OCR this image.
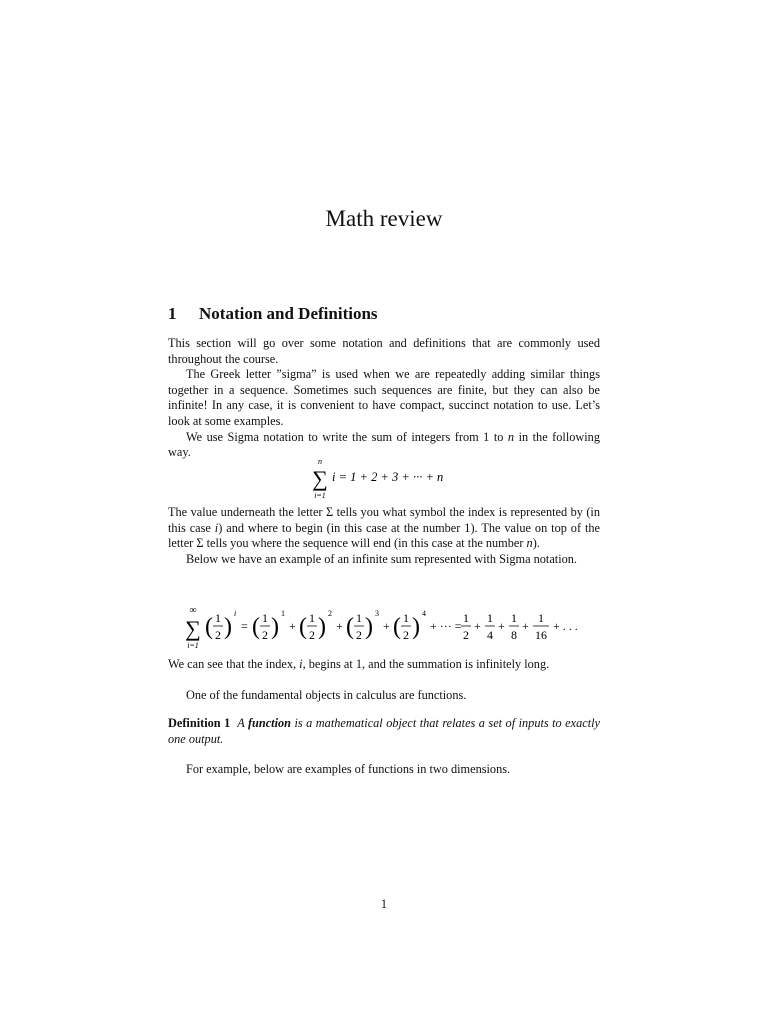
Math review
1 Notation and Definitions

This section will go over some notation and definitions that are commonly used throughout the course.

The Greek letter ”sigma” is used when we are repeatedly adding similar things together in a sequence. Sometimes such sequences are finite, but they can also be infinite! In any case, it is convenient to have compact, succinct notation to use. Let’s look at some examples.

We use Sigma notation to write the sum of integers from 1 to n in the following way.

n
∑
i=1
i = 1 + 2 + 3 + ··· + n

The value underneath the letter Σ tells you what symbol the index is represented by (in this case i) and where to begin (in this case at the number 1). The value on top of the letter Σ tells you where the sequence will end (in this case at the number n).

Below we have an example of an infinite sum represented with Sigma notation.

∞
∑
i=1
( 1
2 )
i
= ( 1
2 )
1
+ ( 1
2 )
2
+ ( 1
2 )
3
+ ( 1
2 )
4
+ ··· =
1
2
+
1
4
+
1
8
+
1
16
+ . . .

We can see that the index, i, begins at 1, and the summation is infinitely long.

One of the fundamental objects in calculus are functions.

Definition 1 A function is a mathematical object that relates a set of inputs to exactly one output.

For example, below are examples of functions in two dimensions.

1
